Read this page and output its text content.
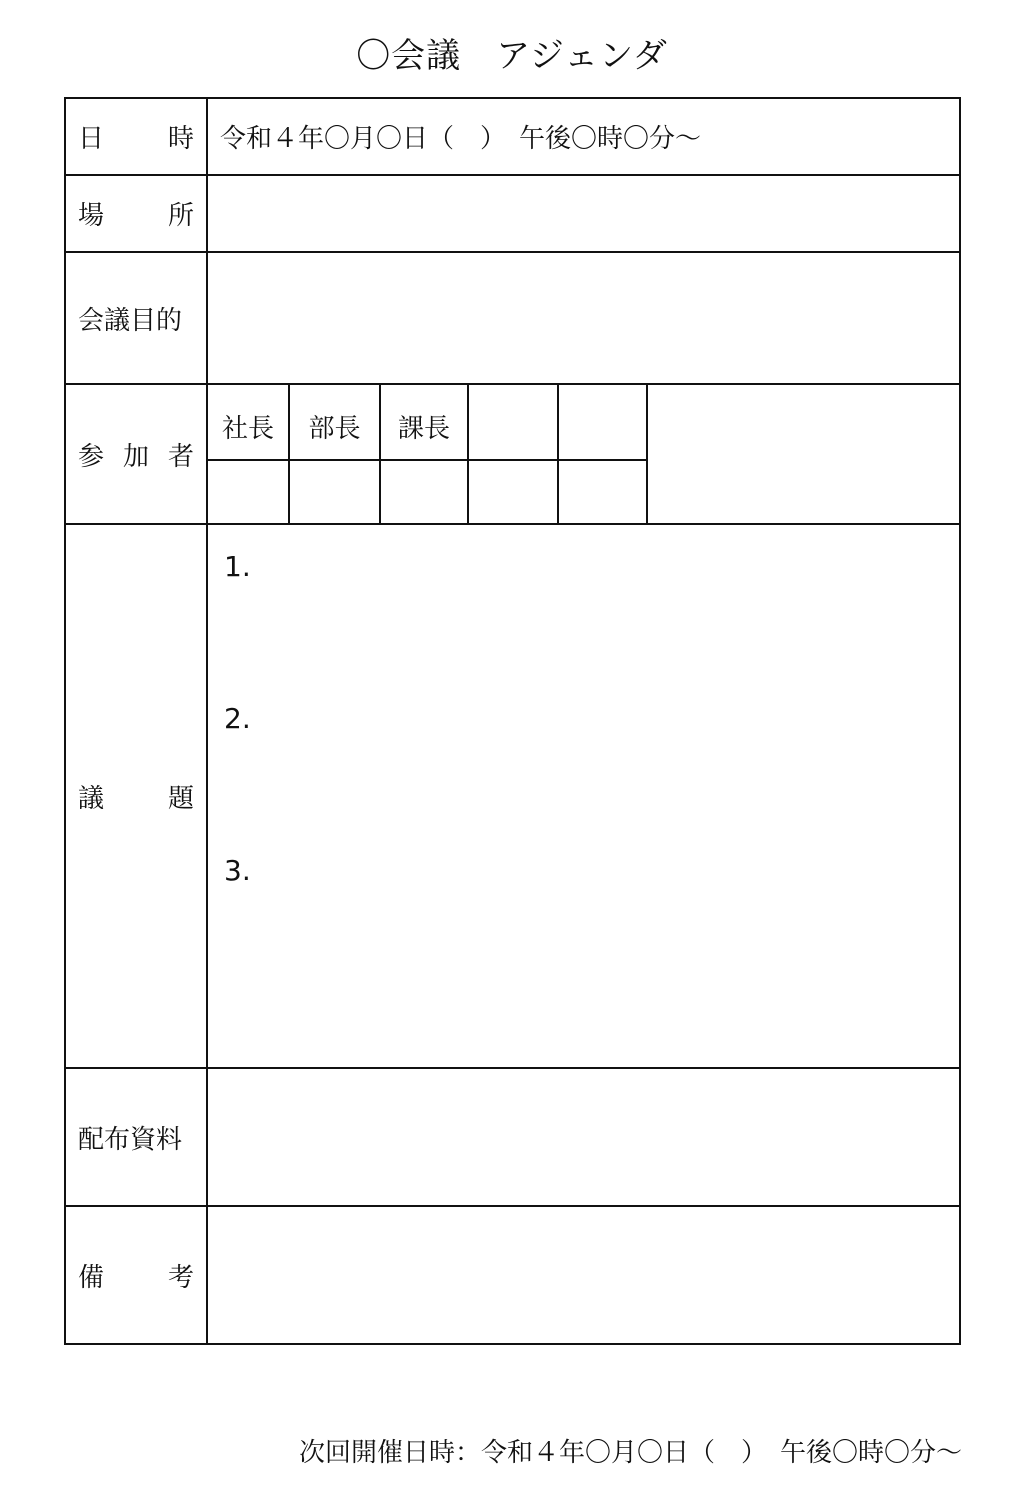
〇会議　アジェンダ
日 時 令和４年〇月〇日（　）　午後〇時〇分～
場 所
会議目的
参 加 者
社長	部長	課長
議 題
1.
2.
3.
配布資料
備 考
次回開催日時：令和４年〇月〇日（　）　午後〇時〇分～
